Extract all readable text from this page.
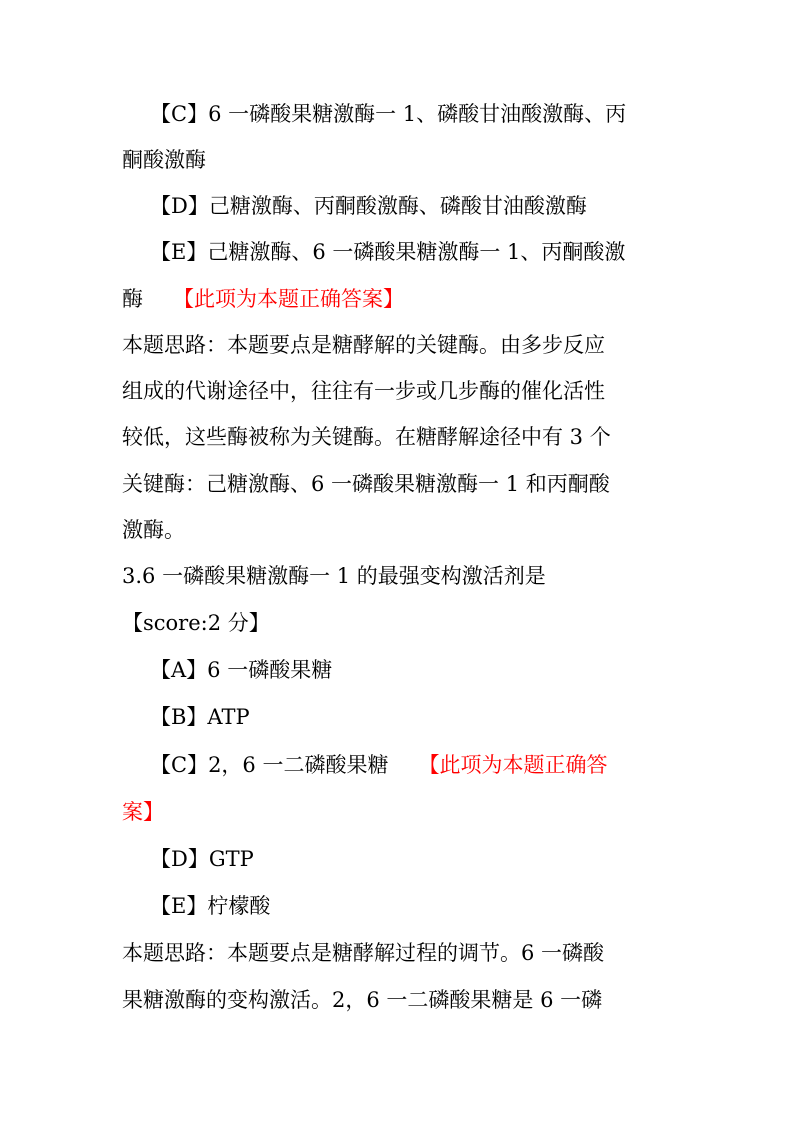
【C】6 一磷酸果糖激酶一 1、磷酸甘油酸激酶、丙
酮酸激酶
【D】己糖激酶、丙酮酸激酶、磷酸甘油酸激酶
【E】己糖激酶、6 一磷酸果糖激酶一 1、丙酮酸激
酶 【此项为本题正确答案】
本题思路：本题要点是糖酵解的关键酶。由多步反应
组成的代谢途径中，往往有一步或几步酶的催化活性
较低，这些酶被称为关键酶。在糖酵解途径中有 3 个
关键酶：己糖激酶、6 一磷酸果糖激酶一 1 和丙酮酸
激酶。
3.6 一磷酸果糖激酶一 1 的最强变构激活剂是
【score:2 分】
【A】6 一磷酸果糖
【B】ATP
【C】2，6 一二磷酸果糖 【此项为本题正确答
案】
【D】GTP
【E】柠檬酸
本题思路：本题要点是糖酵解过程的调节。6 一磷酸
果糖激酶的变构激活。2，6 一二磷酸果糖是 6 一磷
